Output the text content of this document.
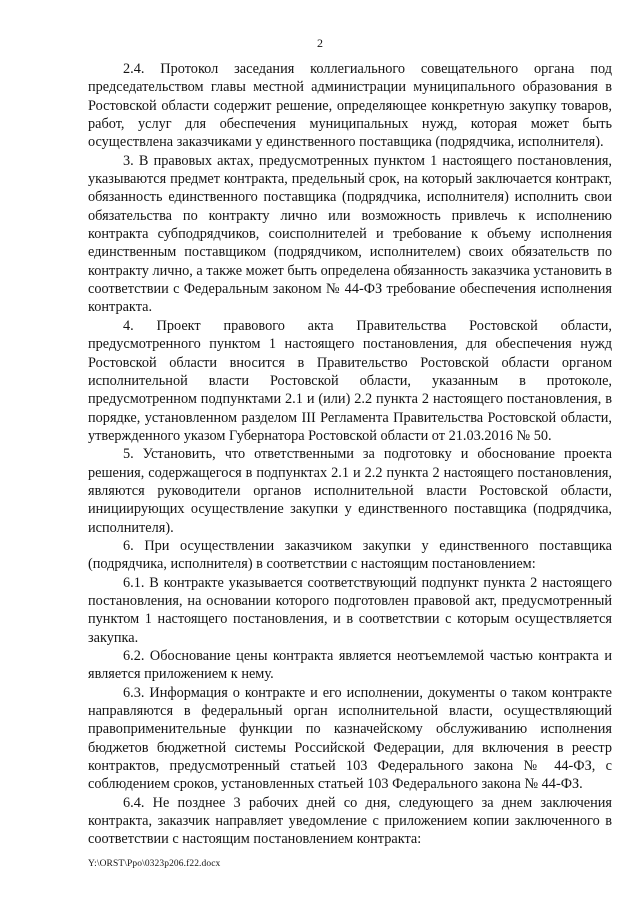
2

2.4. Протокол заседания коллегиального совещательного органа под председательством главы местной администрации муниципального образования в Ростовской области содержит решение, определяющее конкретную закупку товаров, работ, услуг для обеспечения муниципальных нужд, которая может быть осуществлена заказчиками у единственного поставщика (подрядчика, исполнителя).

3. В правовых актах, предусмотренных пунктом 1 настоящего постановления, указываются предмет контракта, предельный срок, на который заключается контракт, обязанность единственного поставщика (подрядчика, исполнителя) исполнить свои обязательства по контракту лично или возможность привлечь к исполнению контракта субподрядчиков, соисполнителей и требование к объему исполнения единственным поставщиком (подрядчиком, исполнителем) своих обязательств по контракту лично, а также может быть определена обязанность заказчика установить в соответствии с Федеральным законом № 44-ФЗ требование обеспечения исполнения контракта.

4. Проект правового акта Правительства Ростовской области, предусмотренного пунктом 1 настоящего постановления, для обеспечения нужд Ростовской области вносится в Правительство Ростовской области органом исполнительной власти Ростовской области, указанным в протоколе, предусмотренном подпунктами 2.1 и (или) 2.2 пункта 2 настоящего постановления, в порядке, установленном разделом III Регламента Правительства Ростовской области, утвержденного указом Губернатора Ростовской области от 21.03.2016 № 50.

5. Установить, что ответственными за подготовку и обоснование проекта решения, содержащегося в подпунктах 2.1 и 2.2 пункта 2 настоящего постановления, являются руководители органов исполнительной власти Ростовской области, инициирующих осуществление закупки у единственного поставщика (подрядчика, исполнителя).

6. При осуществлении заказчиком закупки у единственного поставщика (подрядчика, исполнителя) в соответствии с настоящим постановлением:

6.1. В контракте указывается соответствующий подпункт пункта 2 настоящего постановления, на основании которого подготовлен правовой акт, предусмотренный пунктом 1 настоящего постановления, и в соответствии с которым осуществляется закупка.

6.2. Обоснование цены контракта является неотъемлемой частью контракта и является приложением к нему.

6.3. Информация о контракте и его исполнении, документы о таком контракте направляются в федеральный орган исполнительной власти, осуществляющий правоприменительные функции по казначейскому обслуживанию исполнения бюджетов бюджетной системы Российской Федерации, для включения в реестр контрактов, предусмотренный статьей 103 Федерального закона № 44-ФЗ, с соблюдением сроков, установленных статьей 103 Федерального закона № 44-ФЗ.

6.4. Не позднее 3 рабочих дней со дня, следующего за днем заключения контракта, заказчик направляет уведомление с приложением копии заключенного в соответствии с настоящим постановлением контракта:

Y:\ORST\Ppo\0323p206.f22.docx
